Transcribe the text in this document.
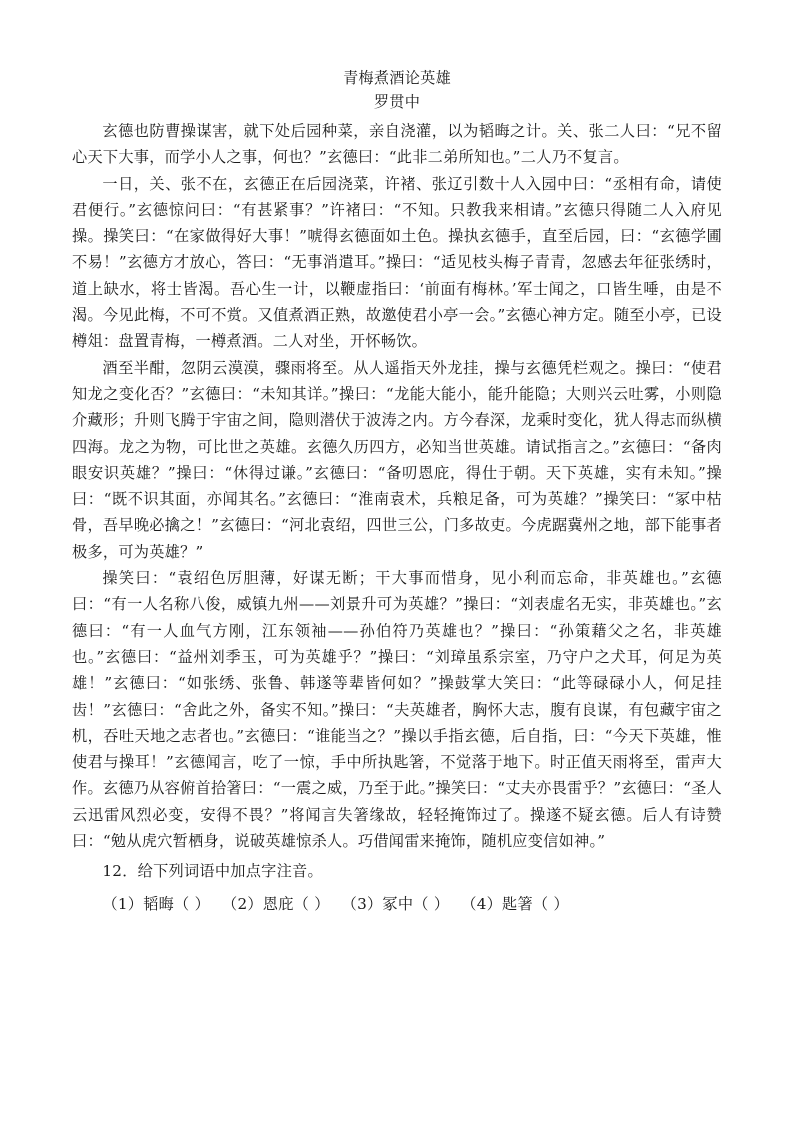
青梅煮酒论英雄
罗贯中

玄德也防曹操谋害，就下处后园种菜，亲自浇灌，以为韬晦之计。关、张二人曰：“兄不留心天下大事，而学小人之事，何也？”玄德曰：“此非二弟所知也。”二人乃不复言。

一日，关、张不在，玄德正在后园浇菜，许褚、张辽引数十人入园中曰：“丞相有命，请使君便行。”玄德惊问曰：“有甚紧事？”许褚曰：“不知。只教我来相请。”玄德只得随二人入府见操。操笑曰：“在家做得好大事！”唬得玄德面如土色。操执玄德手，直至后园，曰：“玄德学圃不易！”玄德方才放心，答曰：“无事消遣耳。”操曰：“适见枝头梅子青青，忽感去年征张绣时，道上缺水，将士皆渴。吾心生一计，以鞭虚指曰：‘前面有梅林。’军士闻之，口皆生唾，由是不渴。今见此梅，不可不赏。又值煮酒正熟，故邀使君小亭一会。”玄德心神方定。随至小亭，已设樽俎：盘置青梅，一樽煮酒。二人对坐，开怀畅饮。

酒至半酣，忽阴云漠漠，骤雨将至。从人遥指天外龙挂，操与玄德凭栏观之。操曰：“使君知龙之变化否？”玄德曰：“未知其详。”操曰：“龙能大能小，能升能隐；大则兴云吐雾，小则隐介藏形；升则飞腾于宇宙之间，隐则潜伏于波涛之内。方今春深，龙乘时变化，犹人得志而纵横四海。龙之为物，可比世之英雄。玄德久历四方，必知当世英雄。请试指言之。”玄德曰：“备肉眼安识英雄？”操曰：“休得过谦。”玄德曰：“备叨恩庇，得仕于朝。天下英雄，实有未知。”操曰：“既不识其面，亦闻其名。”玄德曰：“淮南袁术，兵粮足备，可为英雄？”操笑曰：“冢中枯骨，吾早晚必擒之！”玄德曰：“河北袁绍，四世三公，门多故吏。今虎踞冀州之地，部下能事者极多，可为英雄？”

操笑曰：“袁绍色厉胆薄，好谋无断；干大事而惜身，见小利而忘命，非英雄也。”玄德曰：“有一人名称八俊，威镇九州——刘景升可为英雄？”操曰：“刘表虚名无实，非英雄也。”玄德曰：“有一人血气方刚，江东领袖——孙伯符乃英雄也？”操曰：“孙策藉父之名，非英雄也。”玄德曰：“益州刘季玉，可为英雄乎？”操曰：“刘璋虽系宗室，乃守户之犬耳，何足为英雄！”玄德曰：“如张绣、张鲁、韩遂等辈皆何如？”操鼓掌大笑曰：“此等碌碌小人，何足挂齿！”玄德曰：“舍此之外，备实不知。”操曰：“夫英雄者，胸怀大志，腹有良谋，有包藏宇宙之机，吞吐天地之志者也。”玄德曰：“谁能当之？”操以手指玄德，后自指，曰：“今天下英雄，惟使君与操耳！”玄德闻言，吃了一惊，手中所执匙箸，不觉落于地下。时正值天雨将至，雷声大作。玄德乃从容俯首拾箸曰：“一震之威，乃至于此。”操笑曰：“丈夫亦畏雷乎？”玄德曰：“圣人云迅雷风烈必变，安得不畏？”将闻言失箸缘故，轻轻掩饰过了。操遂不疑玄德。后人有诗赞曰：“勉从虎穴暂栖身，说破英雄惊杀人。巧借闻雷来掩饰，随机应变信如神。”

12．给下列词语中加点字注音。

（1）韬晦（ ） （2）恩庇（ ） （3）冢中（ ） （4）匙箸（ ）
